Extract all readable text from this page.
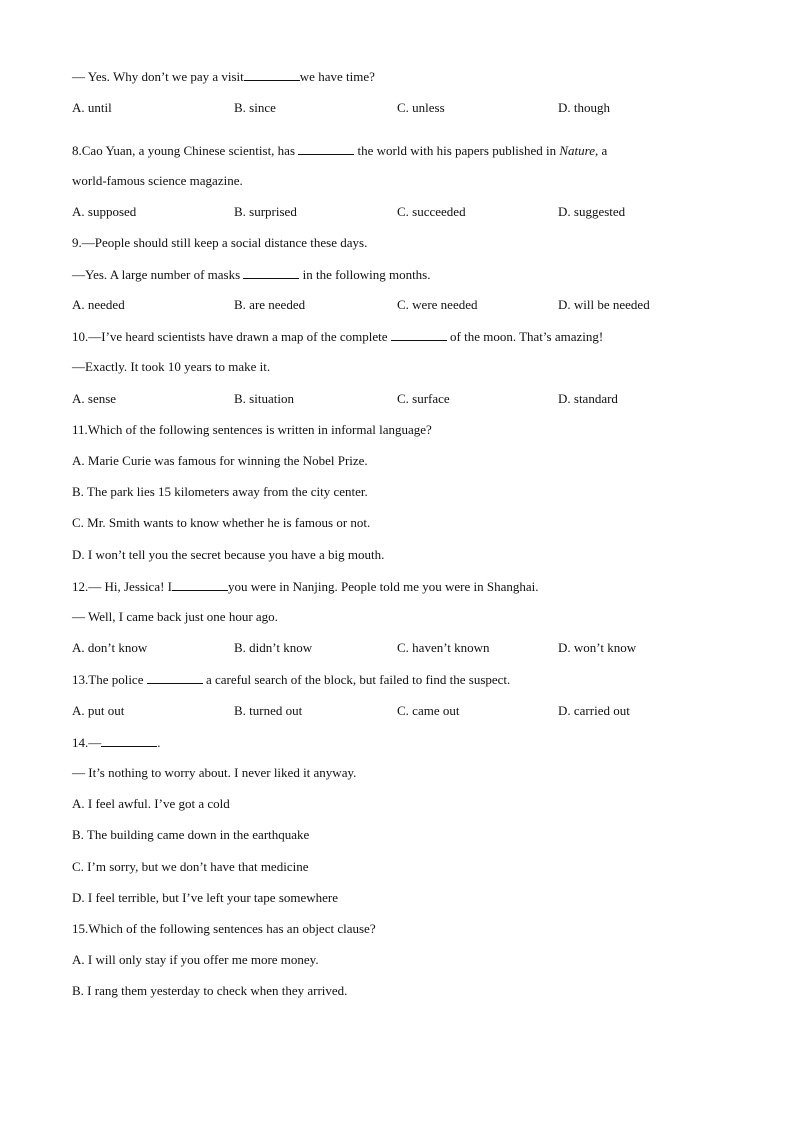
— Yes. Why don’t we pay a visit	we have time?
A. until	B. since	C. unless	D. though
8.Cao Yuan, a young Chinese scientist, has	the world with his papers published in Nature, a
world-famous science magazine.
A. supposed	B. surprised	C. succeeded	D. suggested
9.—People should still keep a social distance these days.
—Yes. A large number of masks	in the following months.
A. needed	B. are needed	C. were needed	D. will be needed
10.—I’ve heard scientists have drawn a map of the complete	of the moon. That’s amazing!
—Exactly. It took 10 years to make it.
A. sense	B. situation	C. surface	D. standard
11.Which of the following sentences is written in informal language?
A. Marie Curie was famous for winning the Nobel Prize.
B. The park lies 15 kilometers away from the city center.
C. Mr. Smith wants to know whether he is famous or not.
D. I won’t tell you the secret because you have a big mouth.
12.— Hi, Jessica! I	you were in Nanjing. People told me you were in Shanghai.
— Well, I came back just one hour ago.
A. don’t know	B. didn’t know	C. haven’t known	D. won’t know
13.The police	a careful search of the block, but failed to find the suspect.
A. put out	B. turned out	C. came out	D. carried out
14.—	.
— It’s nothing to worry about. I never liked it anyway.
A. I feel awful. I’ve got a cold
B. The building came down in the earthquake
C. I’m sorry, but we don’t have that medicine
D. I feel terrible, but I’ve left your tape somewhere
15.Which of the following sentences has an object clause?
A. I will only stay if you offer me more money.
B. I rang them yesterday to check when they arrived.
